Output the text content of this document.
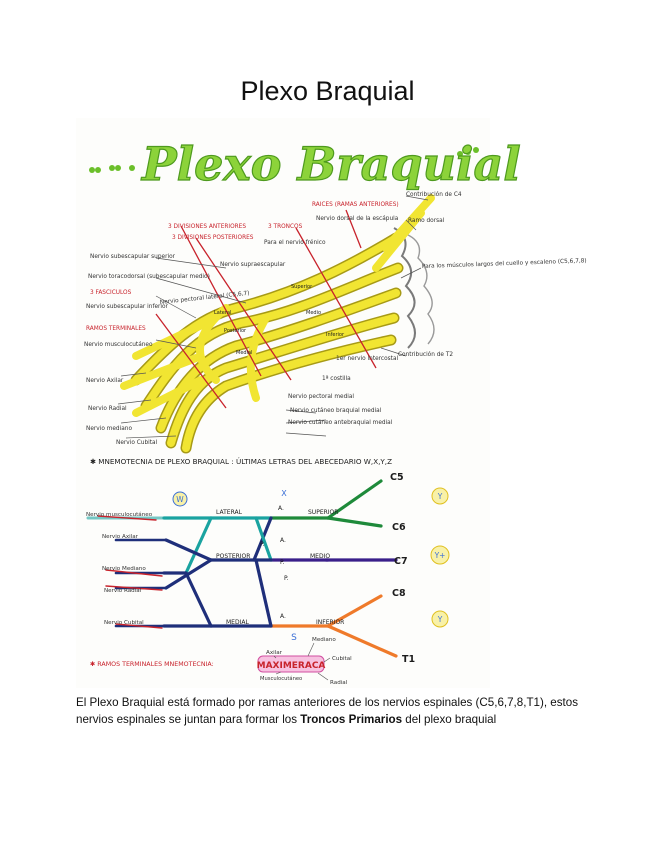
Plexo Braquial
Plexo Braquial
3 DIVISIONES ANTERIORES
3 DIVISIONES POSTERIORES
3 TRONCOS
RAICES (RAMAS ANTERIORES)
3 FASCICULOS
RAMOS TERMINALES
Contribución de C4
Ramo dorsal
Nervio dorsal de la escápula
Nervio subescapular superior
Nervio supraescapular
Para el nervio frénico
Nervio toracodorsal (subescapular medio)
Nervio subescapular inferior
Nervio pectoral lateral (C5,6,7)
Para los músculos largos del cuello y escaleno (C5,6,7,8)
Nervio musculocutáneo
Nervio Axilar
Nervio Radial
Nervio mediano
Nervio Cubital
Contribución de T2
1er nervio intercostal
1ª costilla
Nervio pectoral medial
Nervio cutáneo braquial medial
Nervio cutáneo antebraquial medial
Superior
Medio
Inferior
Lateral
Posterior
Medial
✱ MNEMOTECNIA DE PLEXO BRAQUIAL : ÚLTIMAS LETRAS DEL ABECEDARIO W,X,Y,Z
C5
C6
C7
C8
T1
SUPERIOR
MEDIO
INFERIOR
LATERAL
POSTERIOR
MEDIAL
Nervio musculocutáneo
Nervio Axilar
Nervio Mediano
Nervio Radial
Nervio Cubital
A.
A.
P.
P.
P.
A.
W
X	Y
Y+
Y
S
✱ RAMOS TERMINALES MNEMOTECNIA:	MAXIMERACA
Axilar
Mediano
Cubital
Radial
Musculocutáneo
El Plexo Braquial está formado por ramas anteriores de los nervios espinales (C5,6,7,8,T1), estos nervios espinales se juntan para formar los Troncos Primarios del plexo braquial
